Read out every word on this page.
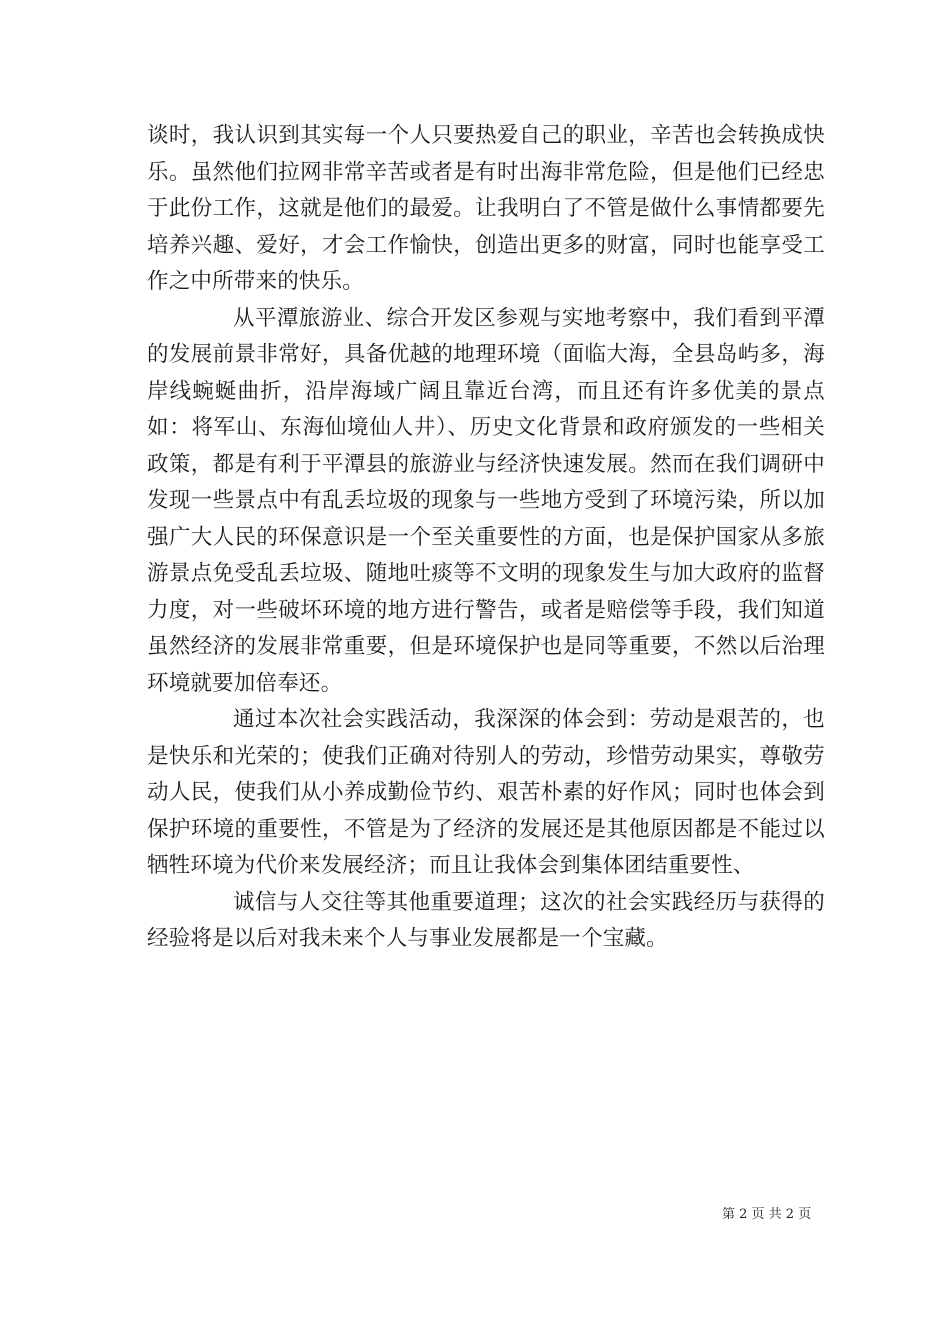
谈时，我认识到其实每一个人只要热爱自己的职业，辛苦也会转换成快乐。虽然他们拉网非常辛苦或者是有时出海非常危险，但是他们已经忠于此份工作，这就是他们的最爱。让我明白了不管是做什么事情都要先培养兴趣、爱好，才会工作愉快，创造出更多的财富，同时也能享受工作之中所带来的快乐。

从平潭旅游业、综合开发区参观与实地考察中，我们看到平潭的发展前景非常好，具备优越的地理环境（面临大海，全县岛屿多，海岸线蜿蜒曲折，沿岸海域广阔且靠近台湾，而且还有许多优美的景点如：将军山、东海仙境仙人井）、历史文化背景和政府颁发的一些相关政策，都是有利于平潭县的旅游业与经济快速发展。然而在我们调研中发现一些景点中有乱丢垃圾的现象与一些地方受到了环境污染，所以加强广大人民的环保意识是一个至关重要性的方面，也是保护国家从多旅游景点免受乱丢垃圾、随地吐痰等不文明的现象发生与加大政府的监督力度，对一些破坏环境的地方进行警告，或者是赔偿等手段，我们知道虽然经济的发展非常重要，但是环境保护也是同等重要，不然以后治理环境就要加倍奉还。

通过本次社会实践活动，我深深的体会到：劳动是艰苦的，也是快乐和光荣的；使我们正确对待别人的劳动，珍惜劳动果实，尊敬劳动人民，使我们从小养成勤俭节约、艰苦朴素的好作风；同时也体会到保护环境的重要性，不管是为了经济的发展还是其他原因都是不能过以牺牲环境为代价来发展经济；而且让我体会到集体团结重要性、

诚信与人交往等其他重要道理；这次的社会实践经历与获得的经验将是以后对我未来个人与事业发展都是一个宝藏。

第 2 页 共 2 页
